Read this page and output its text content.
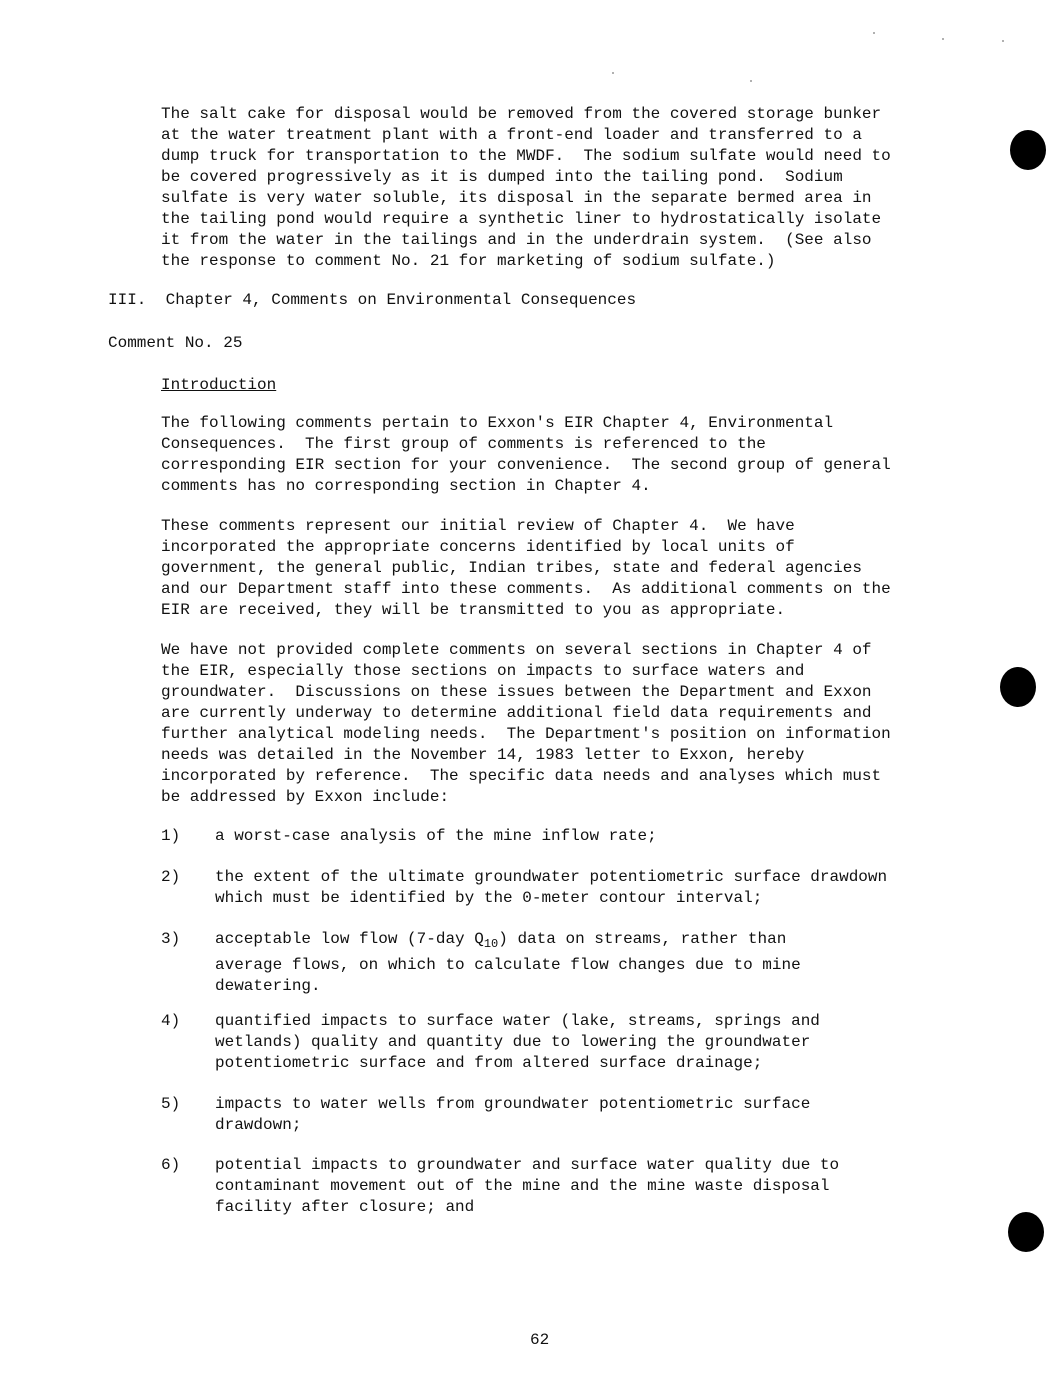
The salt cake for disposal would be removed from the covered storage bunker
at the water treatment plant with a front-end loader and transferred to a
dump truck for transportation to the MWDF.  The sodium sulfate would need to
be covered progressively as it is dumped into the tailing pond.  Sodium
sulfate is very water soluble, its disposal in the separate bermed area in
the tailing pond would require a synthetic liner to hydrostatically isolate
it from the water in the tailings and in the underdrain system.  (See also
the response to comment No. 21 for marketing of sodium sulfate.)

III.  Chapter 4, Comments on Environmental Consequences

Comment No. 25

Introduction

The following comments pertain to Exxon's EIR Chapter 4, Environmental
Consequences.  The first group of comments is referenced to the
corresponding EIR section for your convenience.  The second group of general
comments has no corresponding section in Chapter 4.

These comments represent our initial review of Chapter 4.  We have
incorporated the appropriate concerns identified by local units of
government, the general public, Indian tribes, state and federal agencies
and our Department staff into these comments.  As additional comments on the
EIR are received, they will be transmitted to you as appropriate.

We have not provided complete comments on several sections in Chapter 4 of
the EIR, especially those sections on impacts to surface waters and
groundwater.  Discussions on these issues between the Department and Exxon
are currently underway to determine additional field data requirements and
further analytical modeling needs.  The Department's position on information
needs was detailed in the November 14, 1983 letter to Exxon, hereby
incorporated by reference.  The specific data needs and analyses which must
be addressed by Exxon include:

1) a worst-case analysis of the mine inflow rate;
2) the extent of the ultimate groundwater potentiometric surface drawdown
which must be identified by the 0-meter contour interval;
3) acceptable low flow (7-day $Q_{10}$) data on streams, rather than
average flows, on which to calculate flow changes due to mine
dewatering.
4) quantified impacts to surface water (lake, streams, springs and
wetlands) quality and quantity due to lowering the groundwater
potentiometric surface and from altered surface drainage;
5) impacts to water wells from groundwater potentiometric surface
drawdown;
6) potential impacts to groundwater and surface water quality due to
contaminant movement out of the mine and the mine waste disposal
facility after closure; and
62
